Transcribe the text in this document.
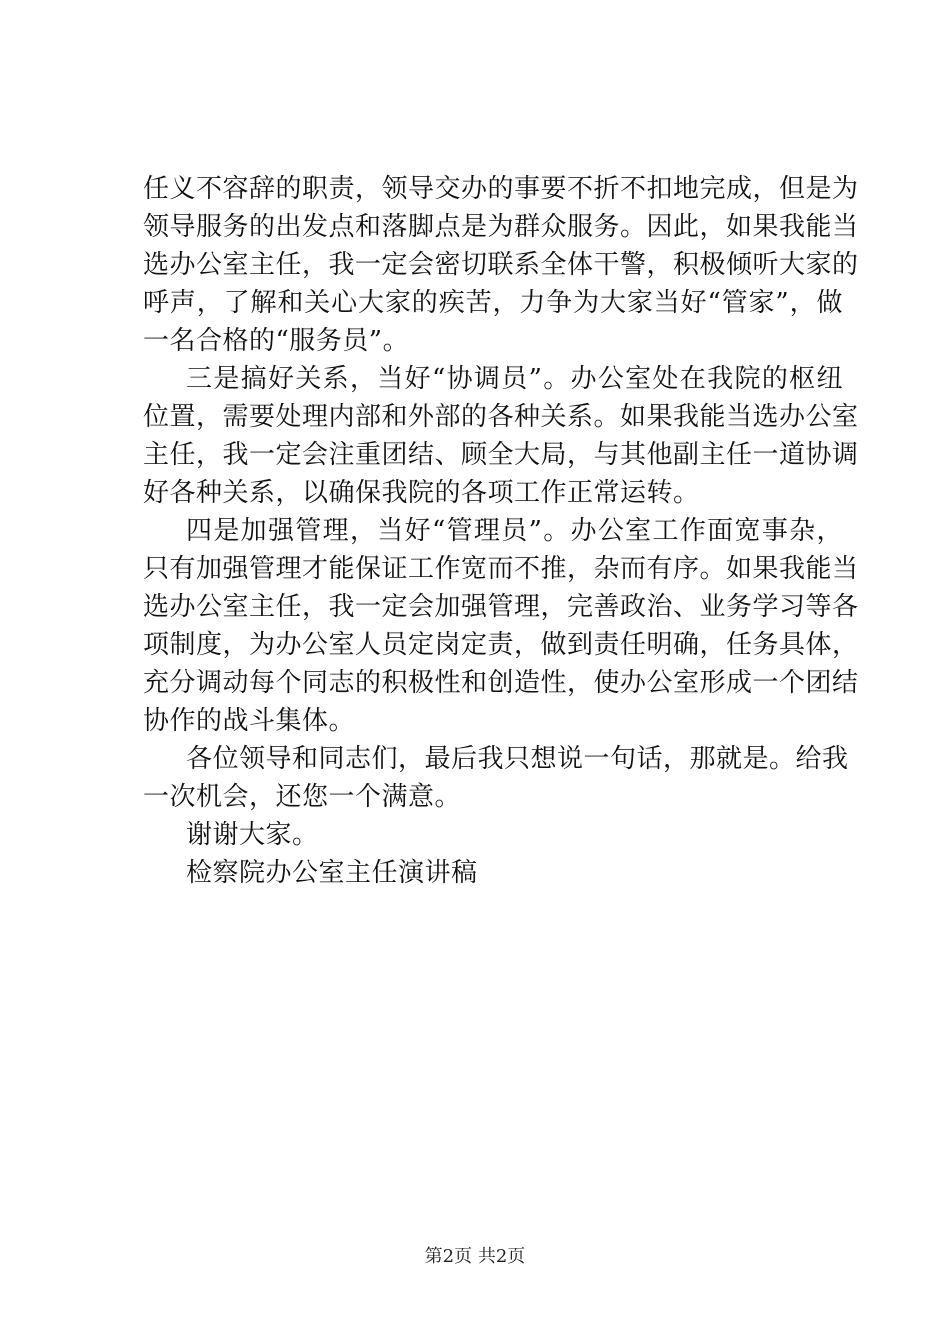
任义不容辞的职责，领导交办的事要不折不扣地完成，但是为
领导服务的出发点和落脚点是为群众服务。因此，如果我能当
选办公室主任，我一定会密切联系全体干警，积极倾听大家的
呼声，了解和关心大家的疾苦，力争为大家当好“管家”，做
一名合格的“服务员”。
三是搞好关系，当好“协调员”。办公室处在我院的枢纽
位置，需要处理内部和外部的各种关系。如果我能当选办公室
主任，我一定会注重团结、顾全大局，与其他副主任一道协调
好各种关系，以确保我院的各项工作正常运转。
四是加强管理，当好“管理员”。办公室工作面宽事杂，
只有加强管理才能保证工作宽而不推，杂而有序。如果我能当
选办公室主任，我一定会加强管理，完善政治、业务学习等各
项制度，为办公室人员定岗定责，做到责任明确，任务具体，
充分调动每个同志的积极性和创造性，使办公室形成一个团结
协作的战斗集体。
各位领导和同志们，最后我只想说一句话，那就是。给我
一次机会，还您一个满意。
谢谢大家。
检察院办公室主任演讲稿
第2页 共2页
